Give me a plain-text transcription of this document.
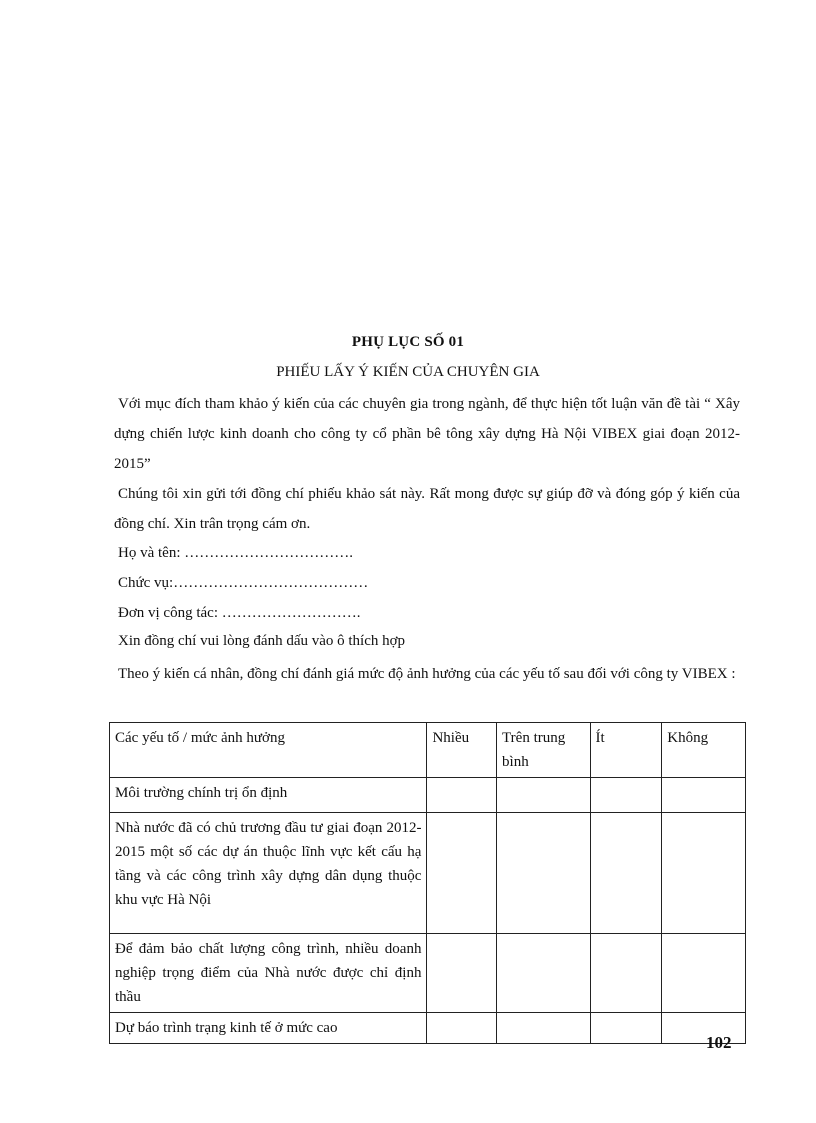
PHỤ LỤC SỐ 01
PHIẾU LẤY Ý KIẾN CỦA CHUYÊN GIA
Với mục đích tham khảo ý kiến của các chuyên gia trong ngành, để thực hiện tốt luận văn đề tài “ Xây dựng chiến lược kinh doanh cho công ty cổ phần bê tông xây dựng Hà Nội VIBEX giai đoạn 2012-2015”
Chúng tôi xin gửi tới đồng chí phiếu khảo sát này. Rất mong được sự giúp đỡ và đóng góp ý kiến của đồng chí. Xin trân trọng cám ơn.
Họ và tên: …………………………….
Chức vụ:…………………………………
Đơn vị công tác: ……………………….
Xin đồng chí vui lòng đánh dấu vào ô thích hợp
Theo ý kiến cá nhân, đồng chí đánh giá mức độ ảnh hưởng của các yếu tố sau đối với công ty VIBEX :
Các yếu tố / mức ảnh hưởng	Nhiều	Trên trung bình	Ít	Không
Môi trường chính trị ổn định				
Nhà nước đã có chủ trương đầu tư giai đoạn 2012-2015 một số các dự án thuộc lĩnh vực kết cấu hạ tầng và các công trình xây dựng dân dụng thuộc khu vực Hà Nội				
Để đảm bảo chất lượng công trình, nhiều doanh nghiệp trọng điểm của Nhà nước được chỉ định thầu				
Dự báo trình trạng kinh tế ở mức cao				
102
